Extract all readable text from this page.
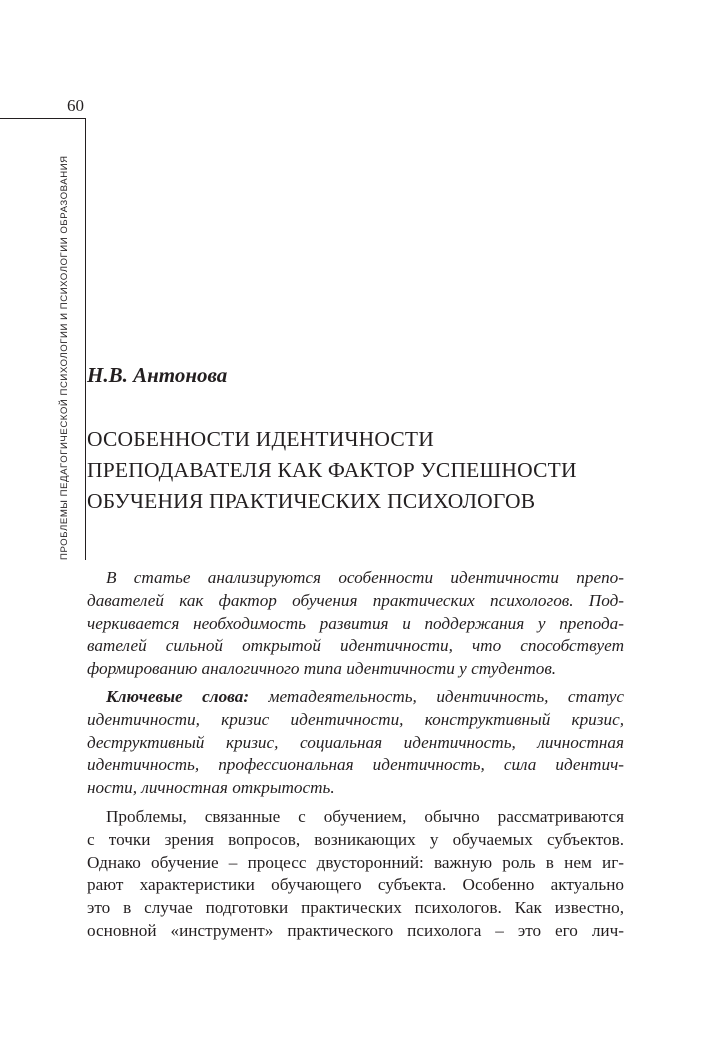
60
ПРОБЛЕМЫ ПЕДАГОГИЧЕСКОЙ ПСИХОЛОГИИ И ПСИХОЛОГИИ ОБРАЗОВАНИЯ Н.В. Антонова
ОСОБЕННОСТИ ИДЕНТИЧНОСТИ
ПРЕПОДАВАТЕЛЯ КАК ФАКТОР УСПЕШНОСТИ
ОБУЧЕНИЯ ПРАКТИЧЕСКИХ ПСИХОЛОГОВ
В статье анализируются особенности идентичности препо-
давателей как фактор обучения практических психологов. Под-
черкивается необходимость развития и поддержания у препода-
вателей сильной открытой идентичности, что способствует
формированию аналогичного типа идентичности у студентов.
Ключевые слова: метадеятельность, идентичность, статус
идентичности, кризис идентичности, конструктивный кризис,
деструктивный кризис, социальная идентичность, личностная
идентичность, профессиональная идентичность, сила идентич-
ности, личностная открытость.
Проблемы, связанные с обучением, обычно рассматриваются
с точки зрения вопросов, возникающих у обучаемых субъектов.
Однако обучение – процесс двусторонний: важную роль в нем иг-
рают характеристики обучающего субъекта. Особенно актуально
это в случае подготовки практических психологов. Как известно,
основной «инструмент» практического психолога – это его лич-
